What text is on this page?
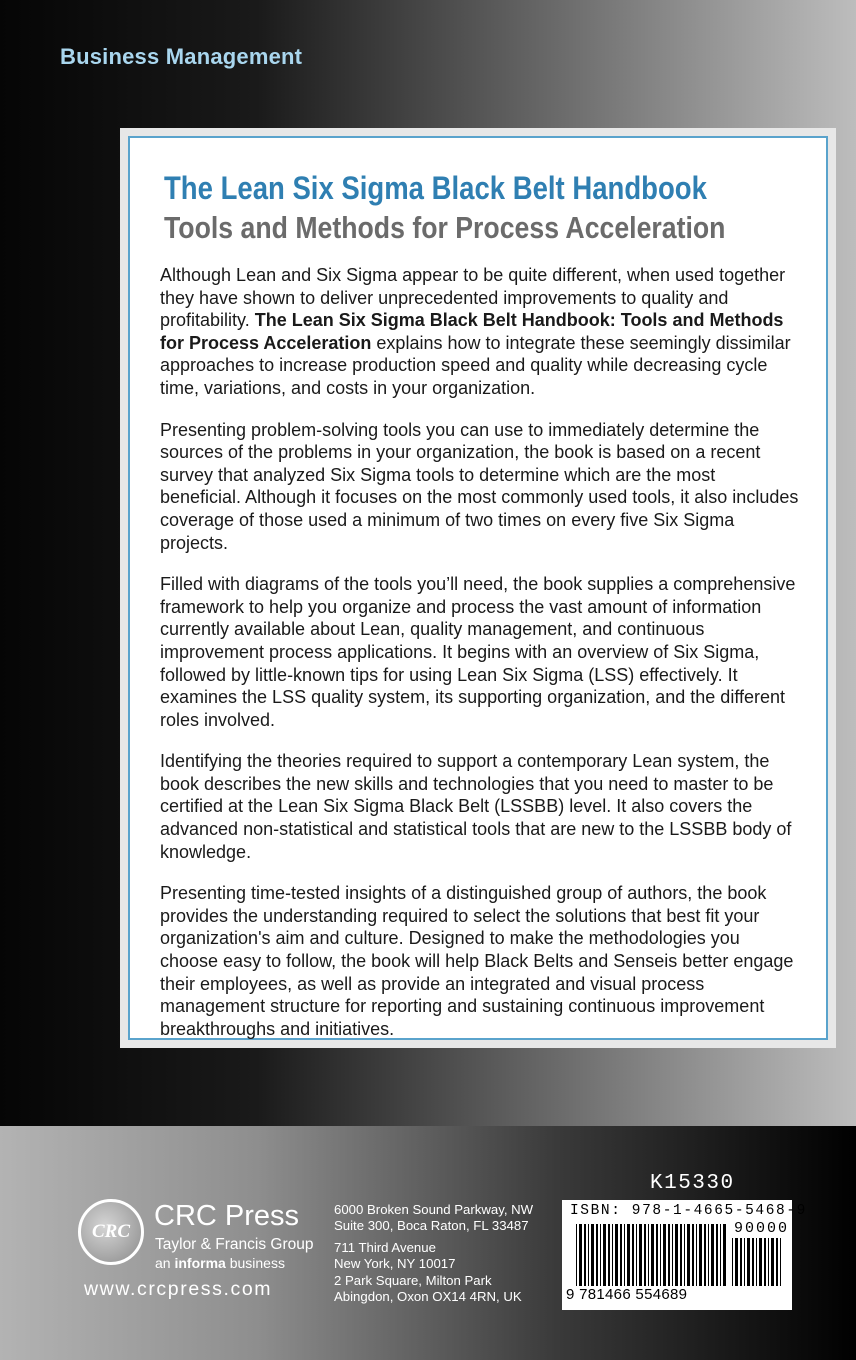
Business Management
The Lean Six Sigma Black Belt Handbook
Tools and Methods for Process Acceleration

Although Lean and Six Sigma appear to be quite different, when used together they have shown to deliver unprecedented improvements to quality and profitability. The Lean Six Sigma Black Belt Handbook: Tools and Methods for Process Acceleration explains how to integrate these seemingly dissimilar approaches to increase production speed and quality while decreasing cycle time, variations, and costs in your organization.

Presenting problem-solving tools you can use to immediately determine the sources of the problems in your organization, the book is based on a recent survey that analyzed Six Sigma tools to determine which are the most beneficial. Although it focuses on the most commonly used tools, it also includes coverage of those used a minimum of two times on every five Six Sigma projects.

Filled with diagrams of the tools you’ll need, the book supplies a comprehensive framework to help you organize and process the vast amount of information currently available about Lean, quality management, and continuous improvement process applications. It begins with an overview of Six Sigma, followed by little-known tips for using Lean Six Sigma (LSS) effectively. It examines the LSS quality system, its supporting organization, and the different roles involved.

Identifying the theories required to support a contemporary Lean system, the book describes the new skills and technologies that you need to master to be certified at the Lean Six Sigma Black Belt (LSSBB) level. It also covers the advanced non-statistical and statistical tools that are new to the LSSBB body of knowledge.

Presenting time-tested insights of a distinguished group of authors, the book provides the understanding required to select the solutions that best fit your organization's aim and culture. Designed to make the methodologies you choose easy to follow, the book will help Black Belts and Senseis better engage their employees, as well as provide an integrated and visual process management structure for reporting and sustaining continuous improvement breakthroughs and initiatives.

CRC CRC Press
Taylor & Francis Group
an informa business
www.crcpress.com
6000 Broken Sound Parkway, NW
Suite 300, Boca Raton, FL 33487
711 Third Avenue
New York, NY 10017
2 Park Square, Milton Park
Abingdon, Oxon OX14 4RN, UK
K15330
ISBN: 978-1-4665-5468-9
90000
9 781466 554689
